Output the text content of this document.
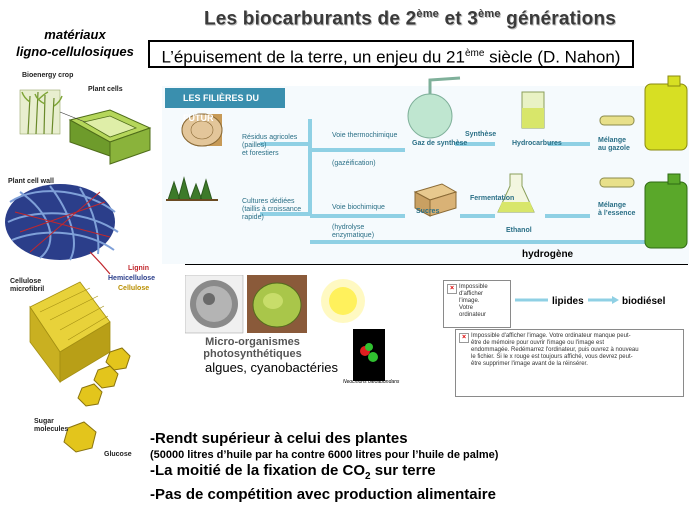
Les biocarburants de 2ème et 3ème générations
L’épuisement de la terre, un enjeu du 21ème siècle (D. Nahon)
matériaux
ligno-cellulosiques
Bioenergy crop
Plant cells
Plant cell wall
Lignin
Hemicellulose
Cellulose
Cellulose
microfibril
Sugar
molecules
Glucose
LES FILIÈRES DU FUTUR
Résidus agricoles
(pailles)
et forestiers
Cultures dédiées
(taillis à croissance
rapide)
Voie thermochimique
(gazéification)
Voie biochimique
(hydrolyse
enzymatique)
Gaz de synthèse
Synthèse
Hydrocarbures	Mélange
au gazole
Sucres
Fermentation
Ethanol
Mélange
à l’essence
hydrogène
Micro-organismes
photosynthétiques
algues, cyanobactéries
Neochloris oleoabundans
× Impossible
d'afficher
l'image.
Votre
ordinateur
lipides	biodiésel
× Impossible d'afficher l'image. Votre ordinateur manque peut-
être de mémoire pour ouvrir l'image ou l'image est
endommagée. Redémarrez l'ordinateur, puis ouvrez à nouveau
le fichier. Si le x rouge est toujours affiché, vous devrez peut-
être supprimer l'image avant de la réinsérer.
-Rendt supérieur à celui des plantes
(50000 litres d’huile par ha contre 6000 litres pour l’huile de palme)
-La moitié de la fixation de $CO_2$ sur terre
-Pas de compétition avec production alimentaire
